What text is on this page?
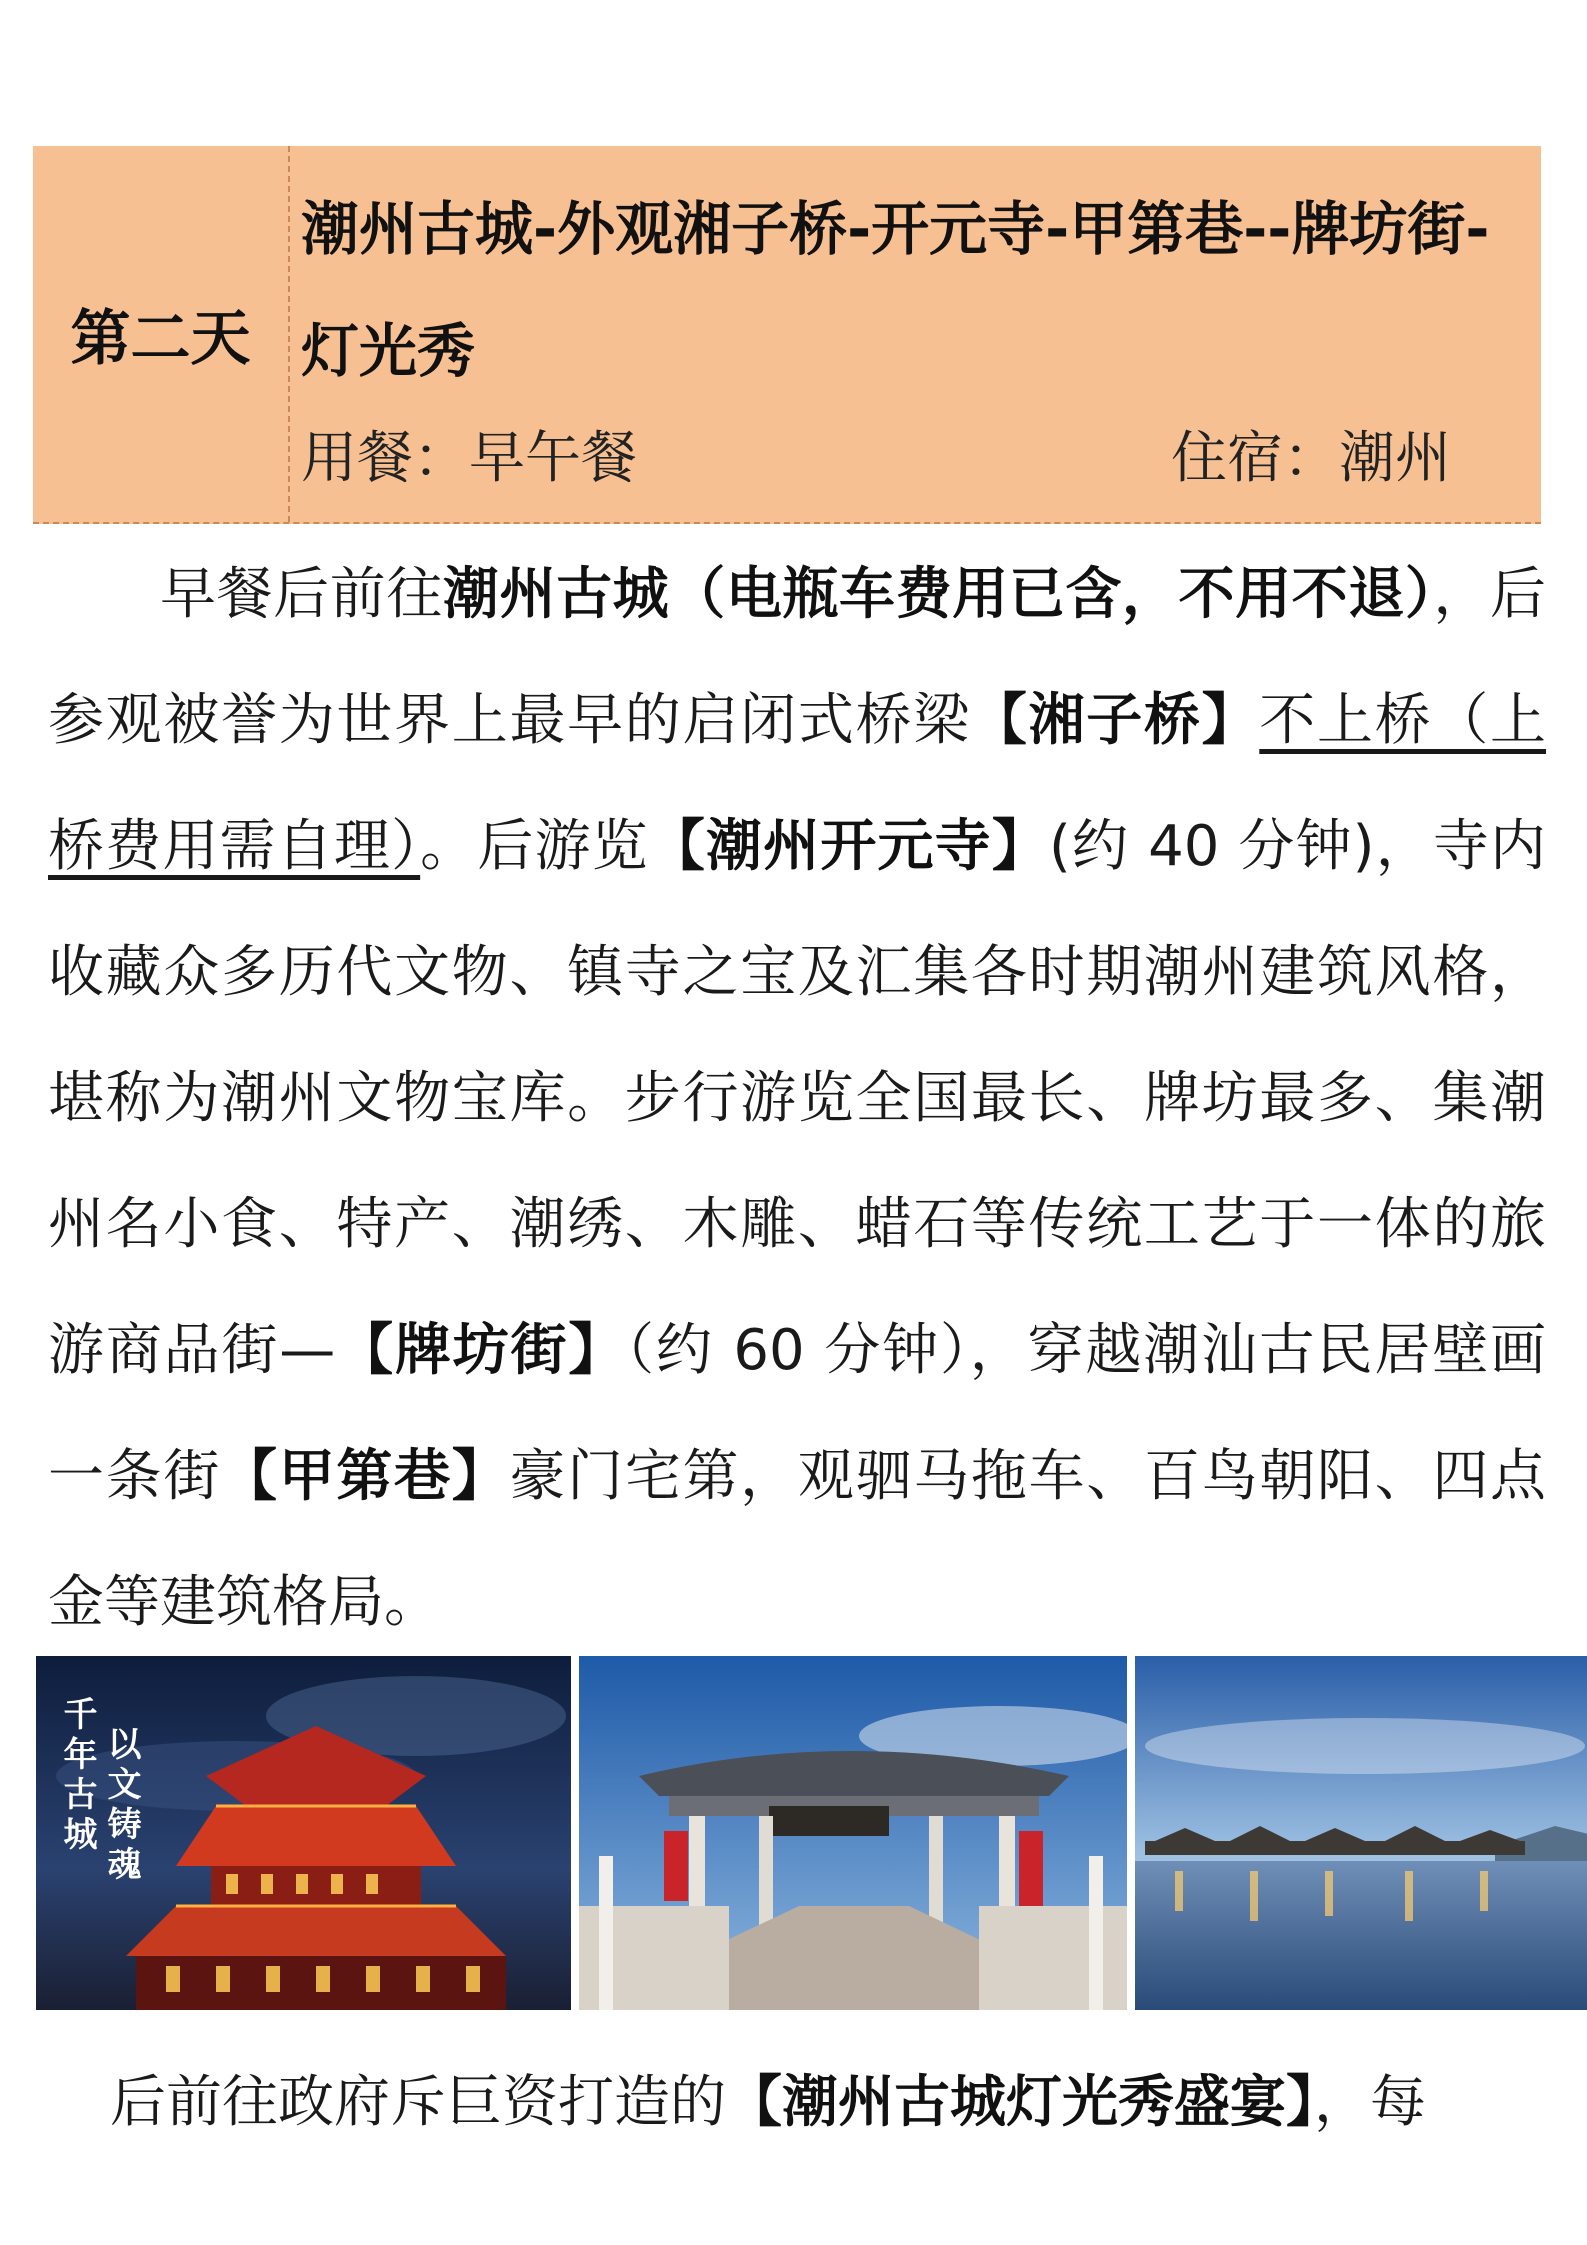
第二天
潮州古城-外观湘子桥-开元寺-甲第巷--牌坊街-灯光秀
用餐：早午餐	住宿：潮州

早餐后前往潮州古城（电瓶车费用已含，不用不退），后参观被誉为世界上最早的启闭式桥梁【湘子桥】不上桥（上桥费用需自理）。后游览【潮州开元寺】(约 40 分钟)，寺内收藏众多历代文物、镇寺之宝及汇集各时期潮州建筑风格，堪称为潮州文物宝库。步行游览全国最长、牌坊最多、集潮州名小食、特产、潮绣、木雕、蜡石等传统工艺于一体的旅游商品街—【牌坊街】（约 60 分钟），穿越潮汕古民居壁画一条街【甲第巷】豪门宅第，观驷马拖车、百鸟朝阳、四点金等建筑格局。

千年古城 以文铸魂

后前往政府斥巨资打造的【潮州古城灯光秀盛宴】，每
